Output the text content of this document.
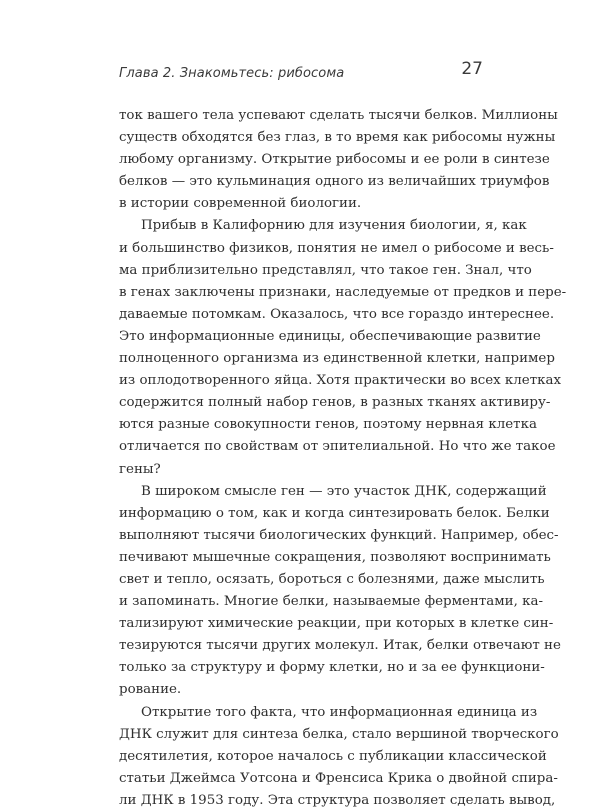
Глава 2. Знакомьтесь: рибосома	27
ток вашего тела успевают сделать тысячи белков. Миллионы
существ обходятся без глаз, в то время как рибосомы нужны
любому организму. Открытие рибосомы и ее роли в синтезе
белков — это кульминация одного из величайших триумфов
в истории современной биологии.
Прибыв в Калифорнию для изучения биологии, я, как
и большинство физиков, понятия не имел о рибосоме и весь-
ма приблизительно представлял, что такое ген. Знал, что
в генах заключены признаки, наследуемые от предков и пере-
даваемые потомкам. Оказалось, что все гораздо интереснее.
Это информационные единицы, обеспечивающие развитие
полноценного организма из единственной клетки, например
из оплодотворенного яйца. Хотя практически во всех клетках
содержится полный набор генов, в разных тканях активиру-
ются разные совокупности генов, поэтому нервная клетка
отличается по свойствам от эпителиальной. Но что же такое
гены?
В широком смысле ген — это участок ДНК, содержащий
информацию о том, как и когда синтезировать белок. Белки
выполняют тысячи биологических функций. Например, обес-
печивают мышечные сокращения, позволяют воспринимать
свет и тепло, осязать, бороться с болезнями, даже мыслить
и запоминать. Многие белки, называемые ферментами, ка-
тализируют химические реакции, при которых в клетке син-
тезируются тысячи других молекул. Итак, белки отвечают не
только за структуру и форму клетки, но и за ее функциони-
рование.
Открытие того факта, что информационная единица из
ДНК служит для синтеза белка, стало вершиной творческого
десятилетия, которое началось с публикации классической
статьи Джеймса Уотсона и Френсиса Крика о двойной спира-
ли ДНК в 1953 году. Эта структура позволяет сделать вывод,
